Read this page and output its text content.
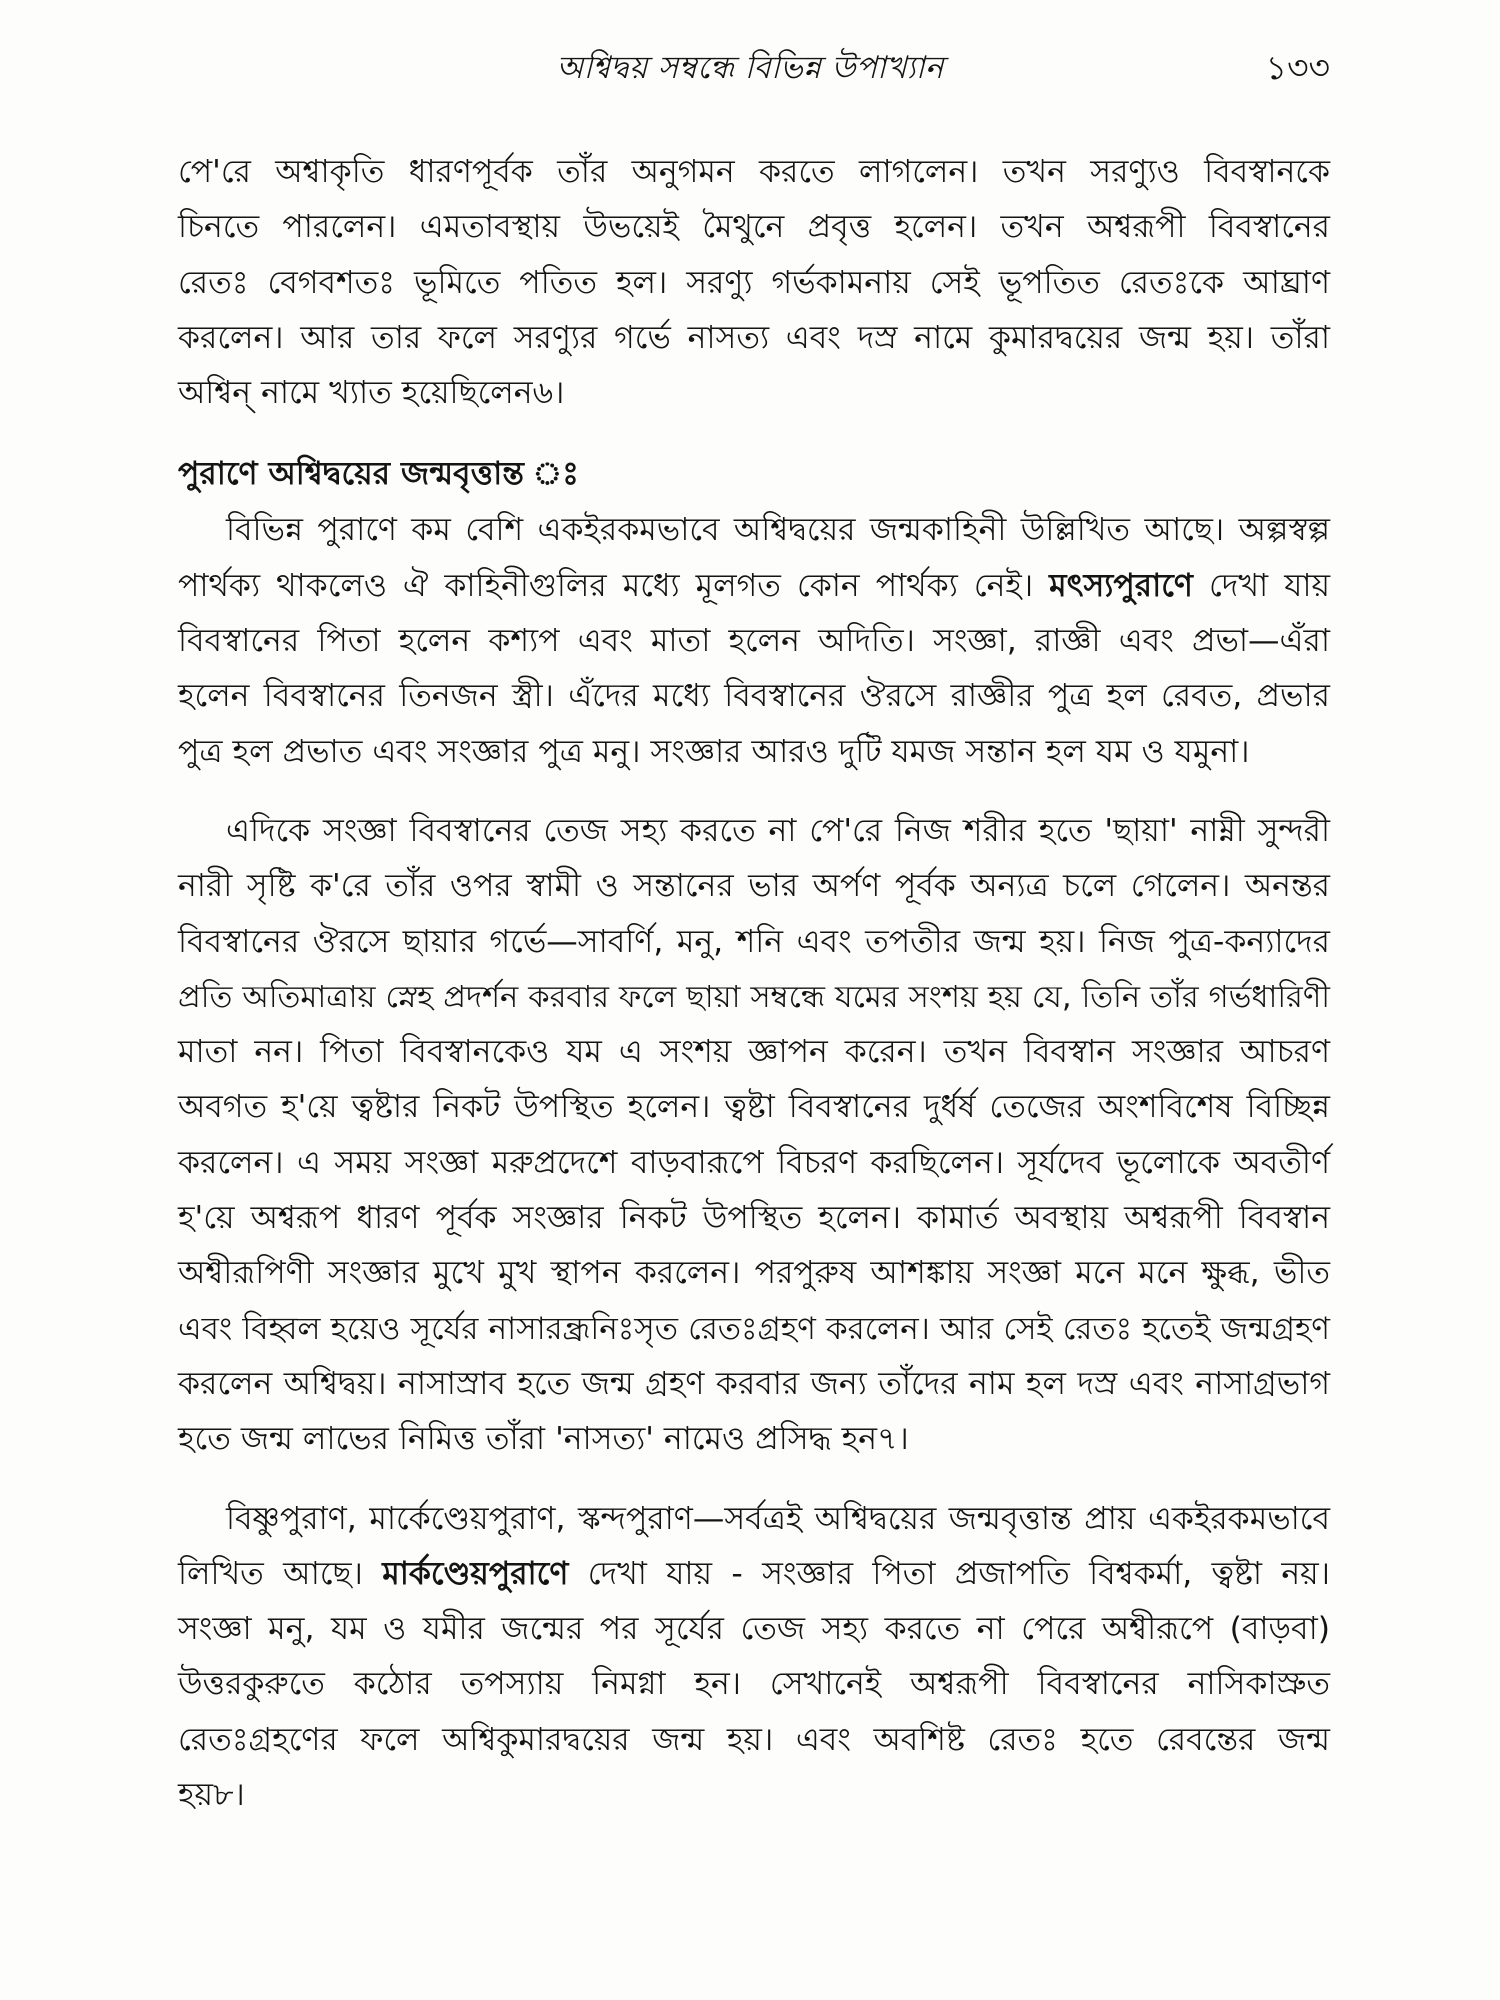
অশ্বিদ্বয় সম্বন্ধে বিভিন্ন উপাখ্যান	১৩৩
পে'রে অশ্বাকৃতি ধারণপূর্বক তাঁর অনুগমন করতে লাগলেন। তখন সরণ্যুও বিবস্বানকে
চিনতে পারলেন। এমতাবস্থায় উভয়েই মৈথুনে প্রবৃত্ত হলেন। তখন অশ্বরূপী বিবস্বানের
রেতঃ বেগবশতঃ ভূমিতে পতিত হল। সরণ্যু গর্ভকামনায় সেই ভূপতিত রেতঃকে আঘ্রাণ
করলেন। আর তার ফলে সরণ্যুর গর্ভে নাসত্য এবং দস্র নামে কুমারদ্বয়ের জন্ম হয়। তাঁরা
অশ্বিন্ নামে খ্যাত হয়েছিলেন৬।
পুরাণে অশ্বিদ্বয়ের জন্মবৃত্তান্ত ঃ
বিভিন্ন পুরাণে কম বেশি একইরকমভাবে অশ্বিদ্বয়ের জন্মকাহিনী উল্লিখিত আছে। অল্পস্বল্প
পার্থক্য থাকলেও ঐ কাহিনীগুলির মধ্যে মূলগত কোন পার্থক্য নেই। মৎস্যপুরাণে দেখা যায়
বিবস্বানের পিতা হলেন কশ্যপ এবং মাতা হলেন অদিতি। সংজ্ঞা, রাজ্ঞী এবং প্রভা—এঁরা
হলেন বিবস্বানের তিনজন স্ত্রী। এঁদের মধ্যে বিবস্বানের ঔরসে রাজ্ঞীর পুত্র হল রেবত, প্রভার
পুত্র হল প্রভাত এবং সংজ্ঞার পুত্র মনু। সংজ্ঞার আরও দুটি যমজ সন্তান হল যম ও যমুনা।
এদিকে সংজ্ঞা বিবস্বানের তেজ সহ্য করতে না পে'রে নিজ শরীর হতে 'ছায়া' নাম্নী সুন্দরী
নারী সৃষ্টি ক'রে তাঁর ওপর স্বামী ও সন্তানের ভার অর্পণ পূর্বক অন্যত্র চলে গেলেন। অনন্তর
বিবস্বানের ঔরসে ছায়ার গর্ভে—সাবর্ণি, মনু, শনি এবং তপতীর জন্ম হয়। নিজ পুত্র-কন্যাদের
প্রতি অতিমাত্রায় স্নেহ প্রদর্শন করবার ফলে ছায়া সম্বন্ধে যমের সংশয় হয় যে, তিনি তাঁর গর্ভধারিণী
মাতা নন। পিতা বিবস্বানকেও যম এ সংশয় জ্ঞাপন করেন। তখন বিবস্বান সংজ্ঞার আচরণ
অবগত হ'য়ে ত্বষ্টার নিকট উপস্থিত হলেন। ত্বষ্টা বিবস্বানের দুর্ধর্ষ তেজের অংশবিশেষ বিচ্ছিন্ন
করলেন। এ সময় সংজ্ঞা মরুপ্রদেশে বাড়বারূপে বিচরণ করছিলেন। সূর্যদেব ভূলোকে অবতীর্ণ
হ'য়ে অশ্বরূপ ধারণ পূর্বক সংজ্ঞার নিকট উপস্থিত হলেন। কামার্ত অবস্থায় অশ্বরূপী বিবস্বান
অশ্বীরূপিণী সংজ্ঞার মুখে মুখ স্থাপন করলেন। পরপুরুষ আশঙ্কায় সংজ্ঞা মনে মনে ক্ষুব্ধ, ভীত
এবং বিহ্বল হয়েও সূর্যের নাসারন্ধ্রনিঃসৃত রেতঃগ্রহণ করলেন। আর সেই রেতঃ হতেই জন্মগ্রহণ
করলেন অশ্বিদ্বয়। নাসাস্রাব হতে জন্ম গ্রহণ করবার জন্য তাঁদের নাম হল দস্র এবং নাসাগ্রভাগ
হতে জন্ম লাভের নিমিত্ত তাঁরা 'নাসত্য' নামেও প্রসিদ্ধ হন৭।
বিষ্ণুপুরাণ, মার্কেণ্ডেয়পুরাণ, স্কন্দপুরাণ—সর্বত্রই অশ্বিদ্বয়ের জন্মবৃত্তান্ত প্রায় একইরকমভাবে
লিখিত আছে। মার্কণ্ডেয়পুরাণে দেখা যায় - সংজ্ঞার পিতা প্রজাপতি বিশ্বকর্মা, ত্বষ্টা নয়।
সংজ্ঞা মনু, যম ও যমীর জন্মের পর সূর্যের তেজ সহ্য করতে না পেরে অশ্বীরূপে (বাড়বা)
উত্তরকুরুতে কঠোর তপস্যায় নিমগ্না হন। সেখানেই অশ্বরূপী বিবস্বানের নাসিকাস্রুত
রেতঃগ্রহণের ফলে অশ্বিকুমারদ্বয়ের জন্ম হয়। এবং অবশিষ্ট রেতঃ হতে রেবন্তের জন্ম
হয়৮।
